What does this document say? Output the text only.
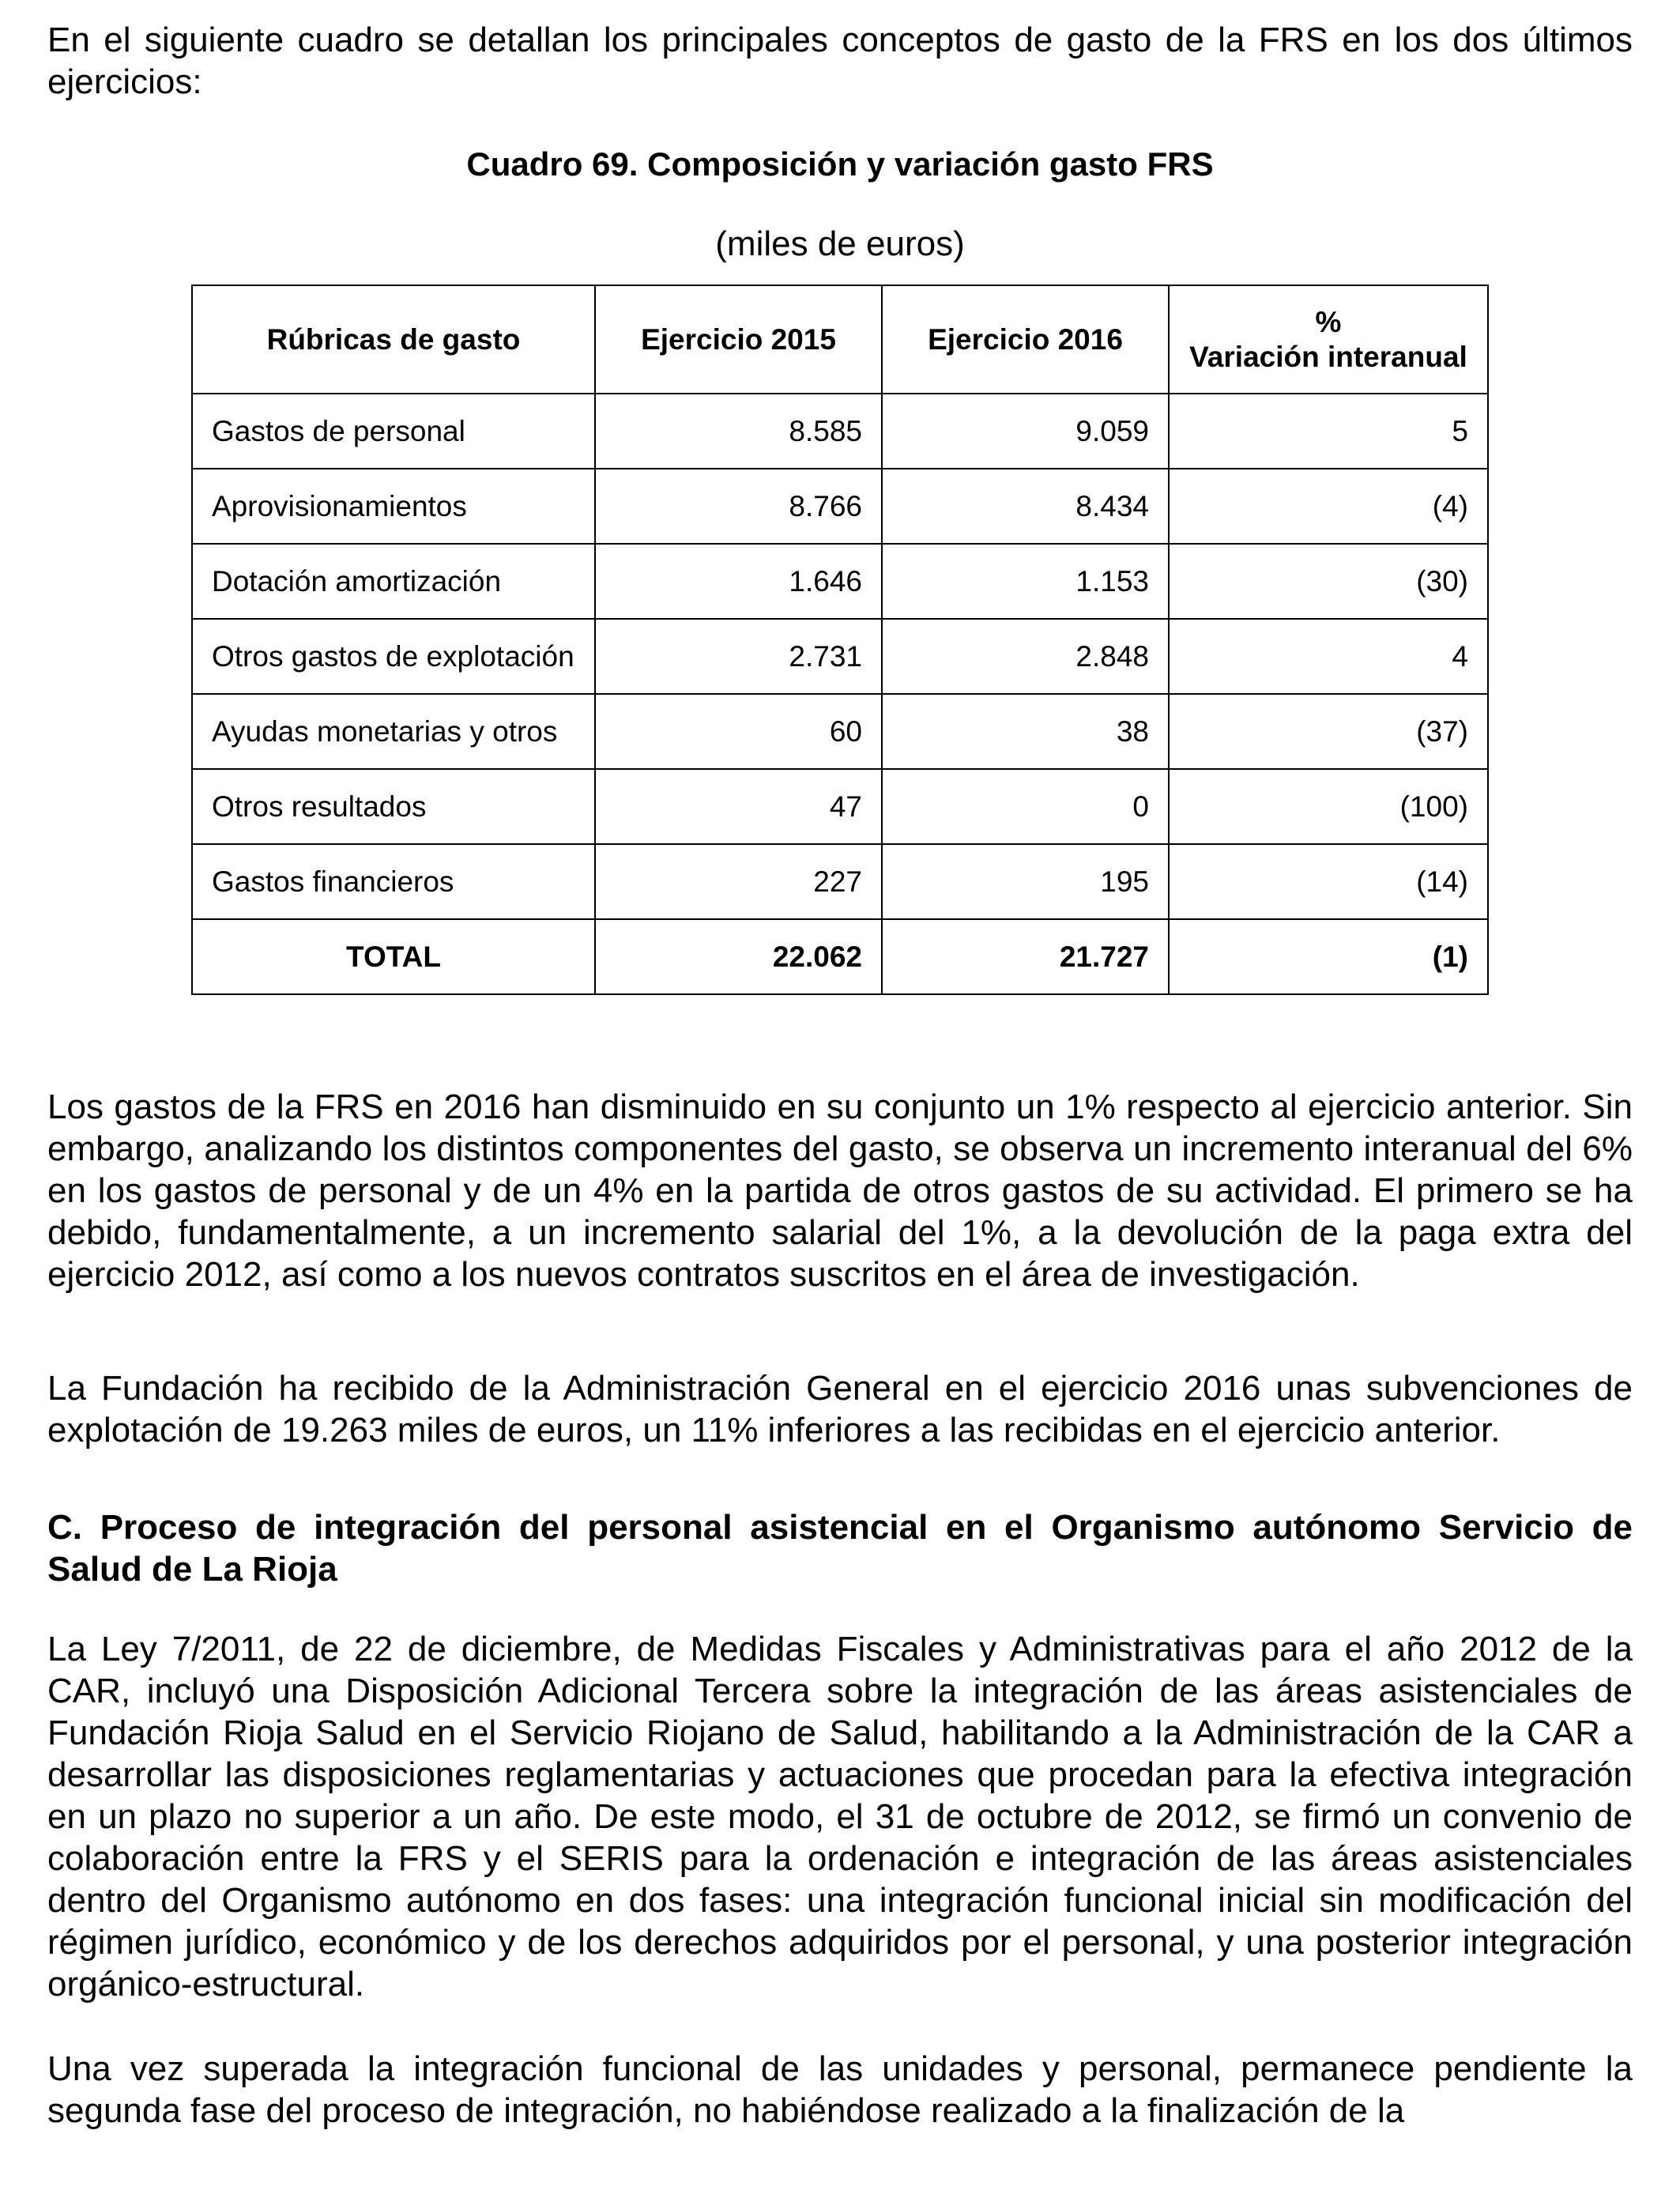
En el siguiente cuadro se detallan los principales conceptos de gasto de la FRS en los dos últimos ejercicios:

Cuadro 69. Composición y variación gasto FRS
(miles de euros)
Rúbricas de gasto	Ejercicio 2015	Ejercicio 2016	%
Variación interanual

Gastos de personal	8.585	9.059	5
Aprovisionamientos	8.766	8.434	(4)
Dotación amortización	1.646	1.153	(30)
Otros gastos de explotación	2.731	2.848	4
Ayudas monetarias y otros	60	38	(37)
Otros resultados	47	0	(100)
Gastos financieros	227	195	(14)
TOTAL	22.062	21.727	(1)

Los gastos de la FRS en 2016 han disminuido en su conjunto un 1% respecto al ejercicio anterior. Sin embargo, analizando los distintos componentes del gasto, se observa un incremento interanual del 6% en los gastos de personal y de un 4% en la partida de otros gastos de su actividad. El primero se ha debido, fundamentalmente, a un incremento salarial del 1%, a la devolución de la paga extra del ejercicio 2012, así como a los nuevos contratos suscritos en el área de investigación.

La Fundación ha recibido de la Administración General en el ejercicio 2016 unas subvenciones de explotación de 19.263 miles de euros, un 11% inferiores a las recibidas en el ejercicio anterior.

C. Proceso de integración del personal asistencial en el Organismo autónomo Servicio de Salud de La Rioja

La Ley 7/2011, de 22 de diciembre, de Medidas Fiscales y Administrativas para el año 2012 de la CAR, incluyó una Disposición Adicional Tercera sobre la integración de las áreas asistenciales de Fundación Rioja Salud en el Servicio Riojano de Salud, habilitando a la Administración de la CAR a desarrollar las disposiciones reglamentarias y actuaciones que procedan para la efectiva integración en un plazo no superior a un año. De este modo, el 31 de octubre de 2012, se firmó un convenio de colaboración entre la FRS y el SERIS para la ordenación e integración de las áreas asistenciales dentro del Organismo autónomo en dos fases: una integración funcional inicial sin modificación del régimen jurídico, económico y de los derechos adquiridos por el personal, y una posterior integración orgánico-estructural.

Una vez superada la integración funcional de las unidades y personal, permanece pendiente la segunda fase del proceso de integración, no habiéndose realizado a la finalización de la
